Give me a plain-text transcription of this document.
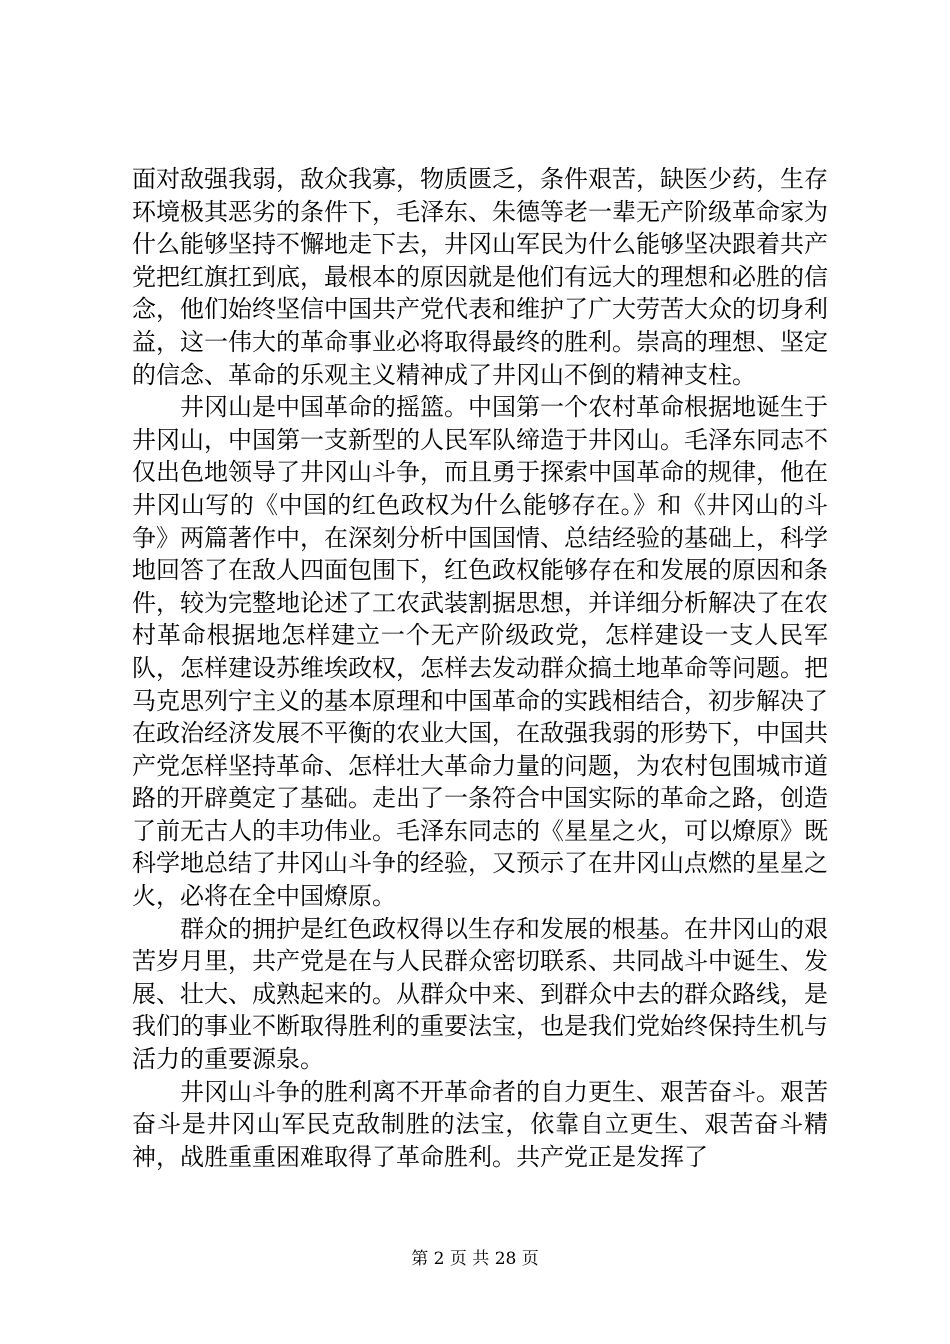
面对敌强我弱，敌众我寡，物质匮乏，条件艰苦，缺医少药，生存环境极其恶劣的条件下，毛泽东、朱德等老一辈无产阶级革命家为什么能够坚持不懈地走下去，井冈山军民为什么能够坚决跟着共产党把红旗扛到底，最根本的原因就是他们有远大的理想和必胜的信念，他们始终坚信中国共产党代表和维护了广大劳苦大众的切身利益，这一伟大的革命事业必将取得最终的胜利。崇高的理想、坚定的信念、革命的乐观主义精神成了井冈山不倒的精神支柱。

井冈山是中国革命的摇篮。中国第一个农村革命根据地诞生于井冈山，中国第一支新型的人民军队缔造于井冈山。毛泽东同志不仅出色地领导了井冈山斗争，而且勇于探索中国革命的规律，他在井冈山写的《中国的红色政权为什么能够存在。》和《井冈山的斗争》两篇著作中，在深刻分析中国国情、总结经验的基础上，科学地回答了在敌人四面包围下，红色政权能够存在和发展的原因和条件，较为完整地论述了工农武装割据思想，并详细分析解决了在农村革命根据地怎样建立一个无产阶级政党，怎样建设一支人民军队，怎样建设苏维埃政权，怎样去发动群众搞土地革命等问题。把马克思列宁主义的基本原理和中国革命的实践相结合，初步解决了在政治经济发展不平衡的农业大国，在敌强我弱的形势下，中国共产党怎样坚持革命、怎样壮大革命力量的问题，为农村包围城市道路的开辟奠定了基础。走出了一条符合中国实际的革命之路，创造了前无古人的丰功伟业。毛泽东同志的《星星之火，可以燎原》既科学地总结了井冈山斗争的经验，又预示了在井冈山点燃的星星之火，必将在全中国燎原。

群众的拥护是红色政权得以生存和发展的根基。在井冈山的艰苦岁月里，共产党是在与人民群众密切联系、共同战斗中诞生、发展、壮大、成熟起来的。从群众中来、到群众中去的群众路线，是我们的事业不断取得胜利的重要法宝，也是我们党始终保持生机与活力的重要源泉。

井冈山斗争的胜利离不开革命者的自力更生、艰苦奋斗。艰苦奋斗是井冈山军民克敌制胜的法宝，依靠自立更生、艰苦奋斗精神，战胜重重困难取得了革命胜利。共产党正是发挥了

第 2 页 共 28 页
